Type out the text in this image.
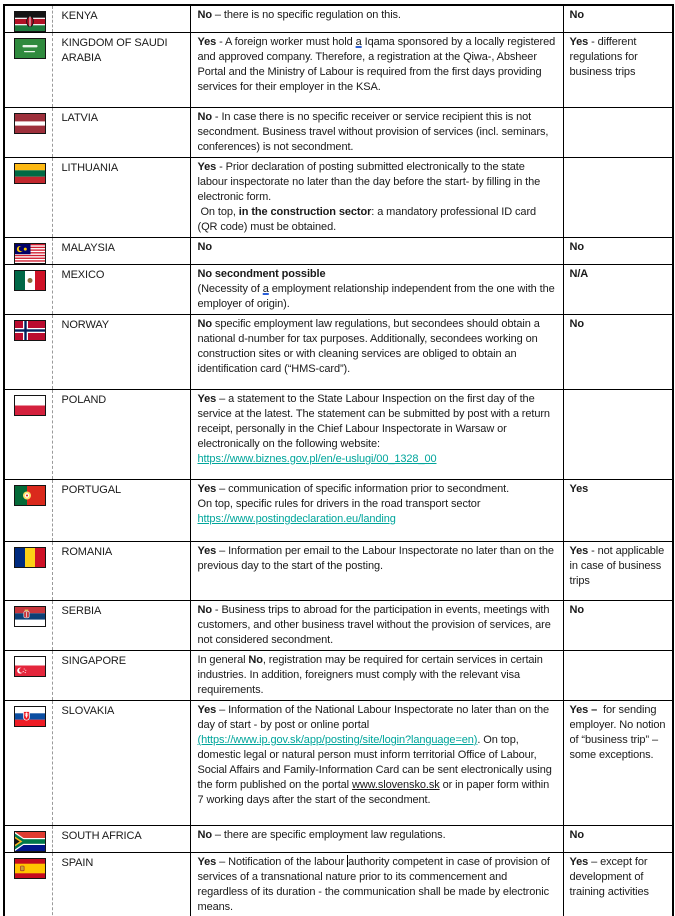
	KENYA	No – there is no specific regulation on this.	No

	KINGDOM OF SAUDI ARABIA	Yes - A foreign worker must hold a Iqama sponsored by a locally registered and approved company. Therefore, a registration at the Qiwa-, Absheer Portal and the Ministry of Labour is required from the first days providing services for their employer in the KSA.	Yes - different regulations for business trips

	LATVIA	No - In case there is no specific receiver or service recipient this is not secondment. Business travel without provision of services (incl. seminars, conferences) is not secondment.	

	LITHUANIA	Yes - Prior declaration of posting submitted electronically to the state labour inspectorate no later than the day before the start- by filling in the electronic form.
On top, in the construction sector: a mandatory professional ID card (QR code) must be obtained.	

	MALAYSIA	No	No

	MEXICO	No secondment possible
(Necessity of a employment relationship independent from the one with the employer of origin).	N/A

	NORWAY	No specific employment law regulations, but secondees should obtain a national d-number for tax purposes. Additionally, secondees working on construction sites or with cleaning services are obliged to obtain an identification card (“HMS-card”).	No

	POLAND	Yes – a statement to the State Labour Inspection on the first day of the service at the latest. The statement can be submitted by post with a return receipt, personally in the Chief Labour Inspectorate in Warsaw or electronically on the following website:
https://www.biznes.gov.pl/en/e-uslugi/00_1328_00	

	PORTUGAL	Yes – communication of specific information prior to secondment.
On top, specific rules for drivers in the road transport sector
https://www.postingdeclaration.eu/landing	Yes

	ROMANIA	Yes – Information per email to the Labour Inspectorate no later than on the previous day to the start of the posting.	Yes - not applicable in case of business trips

	SERBIA	No - Business trips to abroad for the participation in events, meetings with customers, and other business travel without the provision of services, are not considered secondment.	No

	SINGAPORE	In general No, registration may be required for certain services in certain industries. In addition, foreigners must comply with the relevant visa requirements.	

	SLOVAKIA	Yes – Information of the National Labour Inspectorate no later than on the day of start - by post or online portal (https://www.ip.gov.sk/app/posting/site/login?language=en). On top, domestic legal or natural person must inform territorial Office of Labour, Social Affairs and Family-Information Card can be sent electronically using the form published on the portal www.slovensko.sk or in paper form within 7 working days after the start of the secondment.	Yes –  for sending employer. No notion of “business trip” – some exceptions.

	SOUTH AFRICA	No – there are specific employment law regulations.	No

	SPAIN	Yes – Notification of the labour authority competent in case of provision of services of a transnational nature prior to its commencement and regardless of its duration - the communication shall be made by electronic means.	Yes – except for development of training activities
